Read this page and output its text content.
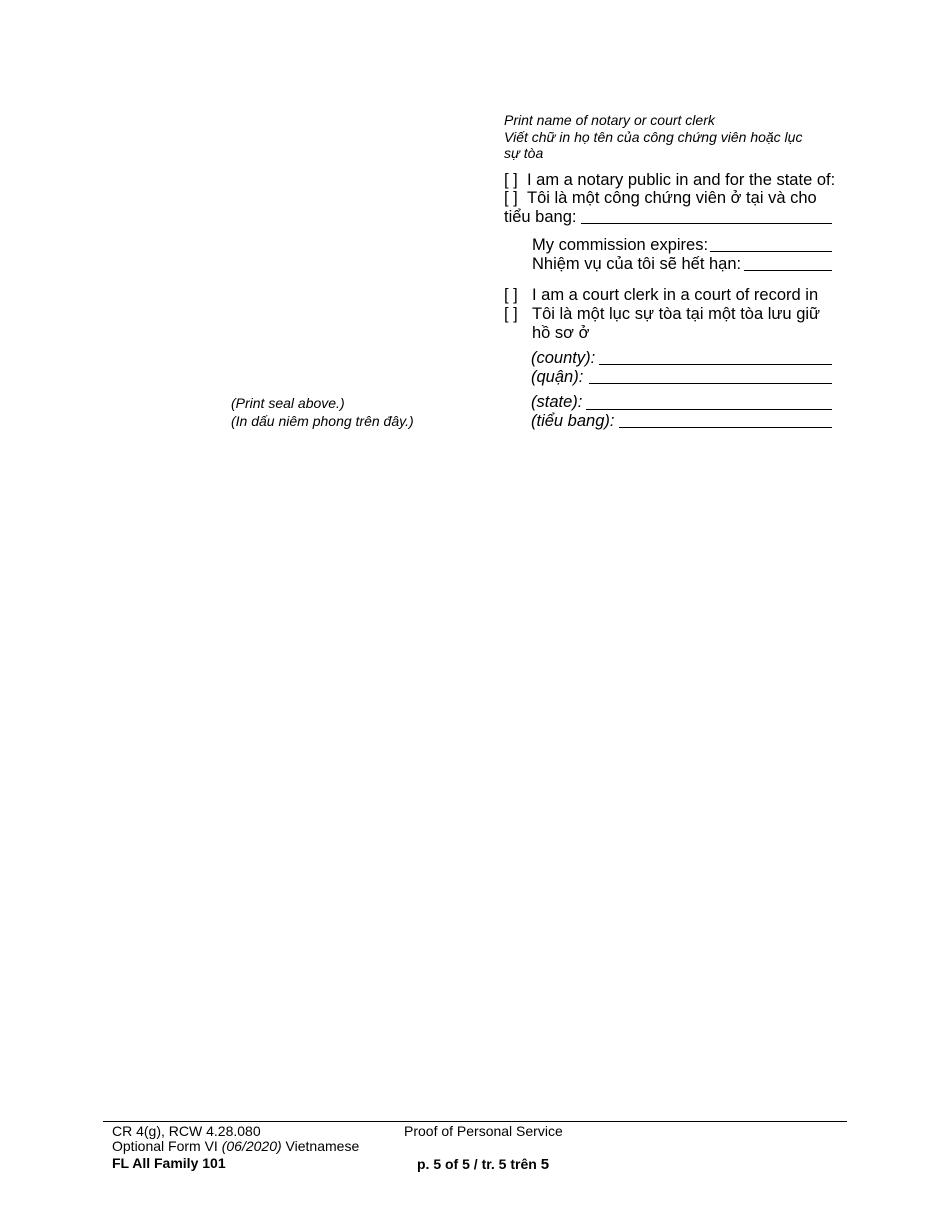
Print name of notary or court clerk
Viết chữ in họ tên của công chứng viên hoặc lục
sự tòa
[ ] I am a notary public in and for the state of:
[ ] Tôi là một công chứng viên ở tại và cho
tiểu bang:
My commission expires:
Nhiệm vụ của tôi sẽ hết hạn:
[ ] I am a court clerk in a court of record in
[ ] Tôi là một lục sự tòa tại một tòa lưu giữ
hồ sơ ở
(county):
(quận):
(state):
(tiểu bang):
(Print seal above.)
(In dấu niêm phong trên đây.)
CR 4(g), RCW 4.28.080
Optional Form VI (06/2020) Vietnamese
FL All Family 101
Proof of Personal Service
p. 5 of 5 / tr. 5 trên 5
